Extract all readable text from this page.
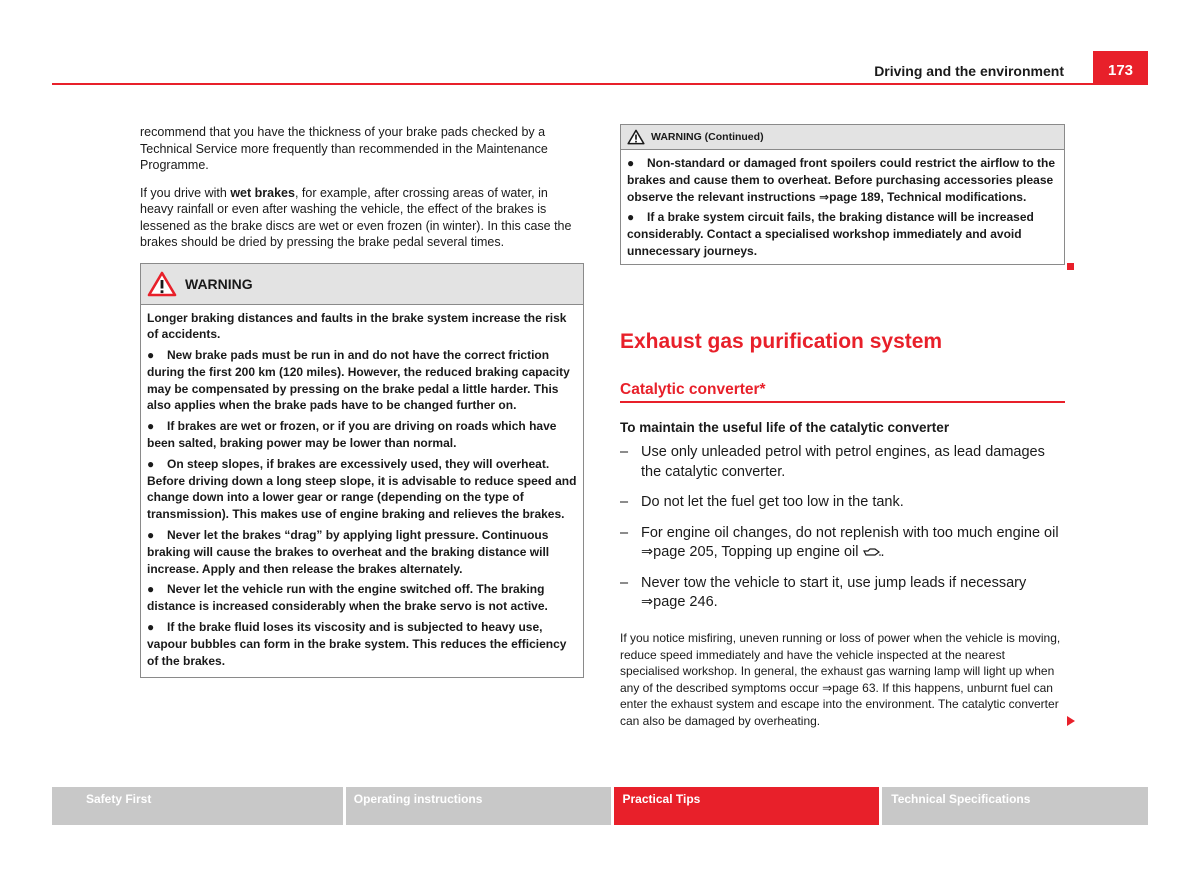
Driving and the environment	173

recommend that you have the thickness of your brake pads checked by a Technical Service more frequently than recommended in the Maintenance Programme.

If you drive with wet brakes, for example, after crossing areas of water, in heavy rainfall or even after washing the vehicle, the effect of the brakes is lessened as the brake discs are wet or even frozen (in winter). In this case the brakes should be dried by pressing the brake pedal several times.

WARNING

Longer braking distances and faults in the brake system increase the risk of accidents.

● New brake pads must be run in and do not have the correct friction during the first 200 km (120 miles). However, the reduced braking capacity may be compensated by pressing on the brake pedal a little harder. This also applies when the brake pads have to be changed further on.

● If brakes are wet or frozen, or if you are driving on roads which have been salted, braking power may be lower than normal.

● On steep slopes, if brakes are excessively used, they will overheat. Before driving down a long steep slope, it is advisable to reduce speed and change down into a lower gear or range (depending on the type of transmission). This makes use of engine braking and relieves the brakes.

● Never let the brakes “drag” by applying light pressure. Continuous braking will cause the brakes to overheat and the braking distance will increase. Apply and then release the brakes alternately.

● Never let the vehicle run with the engine switched off. The braking distance is increased considerably when the brake servo is not active.

● If the brake fluid loses its viscosity and is subjected to heavy use, vapour bubbles can form in the brake system. This reduces the efficiency of the brakes.

WARNING (Continued)

● Non-standard or damaged front spoilers could restrict the airflow to the brakes and cause them to overheat. Before purchasing accessories please observe the relevant instructions ⇒page 189, Technical modifications.

● If a brake system circuit fails, the braking distance will be increased considerably. Contact a specialised workshop immediately and avoid unnecessary journeys.

Exhaust gas purification system
Catalytic converter*
To maintain the useful life of the catalytic converter
– Use only unleaded petrol with petrol engines, as lead damages the catalytic converter.
– Do not let the fuel get too low in the tank.
– For engine oil changes, do not replenish with too much engine oil ⇒page 205, Topping up engine oil .
– Never tow the vehicle to start it, use jump leads if necessary ⇒page 246.

If you notice misfiring, uneven running or loss of power when the vehicle is moving, reduce speed immediately and have the vehicle inspected at the nearest specialised workshop. In general, the exhaust gas warning lamp will light up when any of the described symptoms occur ⇒page 63. If this happens, unburnt fuel can enter the exhaust system and escape into the environment. The catalytic converter can also be damaged by overheating.

Safety First	Operating instructions	Practical Tips	Technical Specifications
